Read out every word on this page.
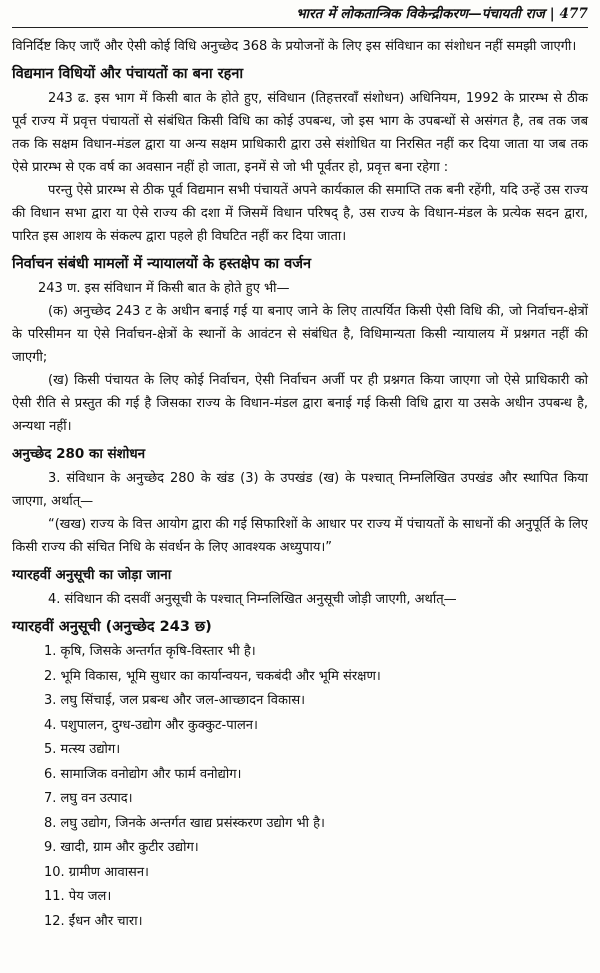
भारत में लोकतान्त्रिक विकेन्द्रीकरण—पंचायती राज | 477

विनिर्दिष्ट किए जाएँ और ऐसी कोई विधि अनुच्छेद 368 के प्रयोजनों के लिए इस संविधान का संशोधन नहीं समझी जाएगी।

विद्यमान विधियों और पंचायतों का बना रहना

243 ढ. इस भाग में किसी बात के होते हुए, संविधान (तिहत्तरवाँ संशोधन) अधिनियम, 1992 के प्रारम्भ से ठीक पूर्व राज्य में प्रवृत्त पंचायतों से संबंधित किसी विधि का कोई उपबन्ध, जो इस भाग के उपबन्धों से असंगत है, तब तक जब तक कि सक्षम विधान-मंडल द्वारा या अन्य सक्षम प्राधिकारी द्वारा उसे संशोधित या निरसित नहीं कर दिया जाता या जब तक ऐसे प्रारम्भ से एक वर्ष का अवसान नहीं हो जाता, इनमें से जो भी पूर्वतर हो, प्रवृत्त बना रहेगा :

परन्तु ऐसे प्रारम्भ से ठीक पूर्व विद्यमान सभी पंचायतें अपने कार्यकाल की समाप्ति तक बनी रहेंगी, यदि उन्हें उस राज्य की विधान सभा द्वारा या ऐसे राज्य की दशा में जिसमें विधान परिषद् है, उस राज्य के विधान-मंडल के प्रत्येक सदन द्वारा, पारित इस आशय के संकल्प द्वारा पहले ही विघटित नहीं कर दिया जाता।

निर्वाचन संबंधी मामलों में न्यायालयों के हस्तक्षेप का वर्जन

243 ण. इस संविधान में किसी बात के होते हुए भी—

(क) अनुच्छेद 243 ट के अधीन बनाई गई या बनाए जाने के लिए तात्पर्यित किसी ऐसी विधि की, जो निर्वाचन-क्षेत्रों के परिसीमन या ऐसे निर्वाचन-क्षेत्रों के स्थानों के आवंटन से संबंधित है, विधिमान्यता किसी न्यायालय में प्रश्नगत नहीं की जाएगी;

(ख) किसी पंचायत के लिए कोई निर्वाचन, ऐसी निर्वाचन अर्जी पर ही प्रश्नगत किया जाएगा जो ऐसे प्राधिकारी को ऐसी रीति से प्रस्तुत की गई है जिसका राज्य के विधान-मंडल द्वारा बनाई गई किसी विधि द्वारा या उसके अधीन उपबन्ध है, अन्यथा नहीं।

अनुच्छेद 280 का संशोधन

3. संविधान के अनुच्छेद 280 के खंड (3) के उपखंड (ख) के पश्चात् निम्नलिखित उपखंड और स्थापित किया जाएगा, अर्थात्—

“(खख) राज्य के वित्त आयोग द्वारा की गई सिफारिशों के आधार पर राज्य में पंचायतों के साधनों की अनुपूर्ति के लिए किसी राज्य की संचित निधि के संवर्धन के लिए आवश्यक अध्युपाय।”

ग्यारहवीं अनुसूची का जोड़ा जाना

4. संविधान की दसवीं अनुसूची के पश्चात् निम्नलिखित अनुसूची जोड़ी जाएगी, अर्थात्—

ग्यारहवीं अनुसूची (अनुच्छेद 243 छ)
1. कृषि, जिसके अन्तर्गत कृषि-विस्तार भी है।
2. भूमि विकास, भूमि सुधार का कार्यान्वयन, चकबंदी और भूमि संरक्षण।
3. लघु सिंचाई, जल प्रबन्ध और जल-आच्छादन विकास।
4. पशुपालन, दुग्ध-उद्योग और कुक्कुट-पालन।
5. मत्स्य उद्योग।
6. सामाजिक वनोद्योग और फार्म वनोद्योग।
7. लघु वन उत्पाद।
8. लघु उद्योग, जिनके अन्तर्गत खाद्य प्रसंस्करण उद्योग भी है।
9. खादी, ग्राम और कुटीर उद्योग।
10. ग्रामीण आवासन।
11. पेय जल।
12. ईंधन और चारा।
